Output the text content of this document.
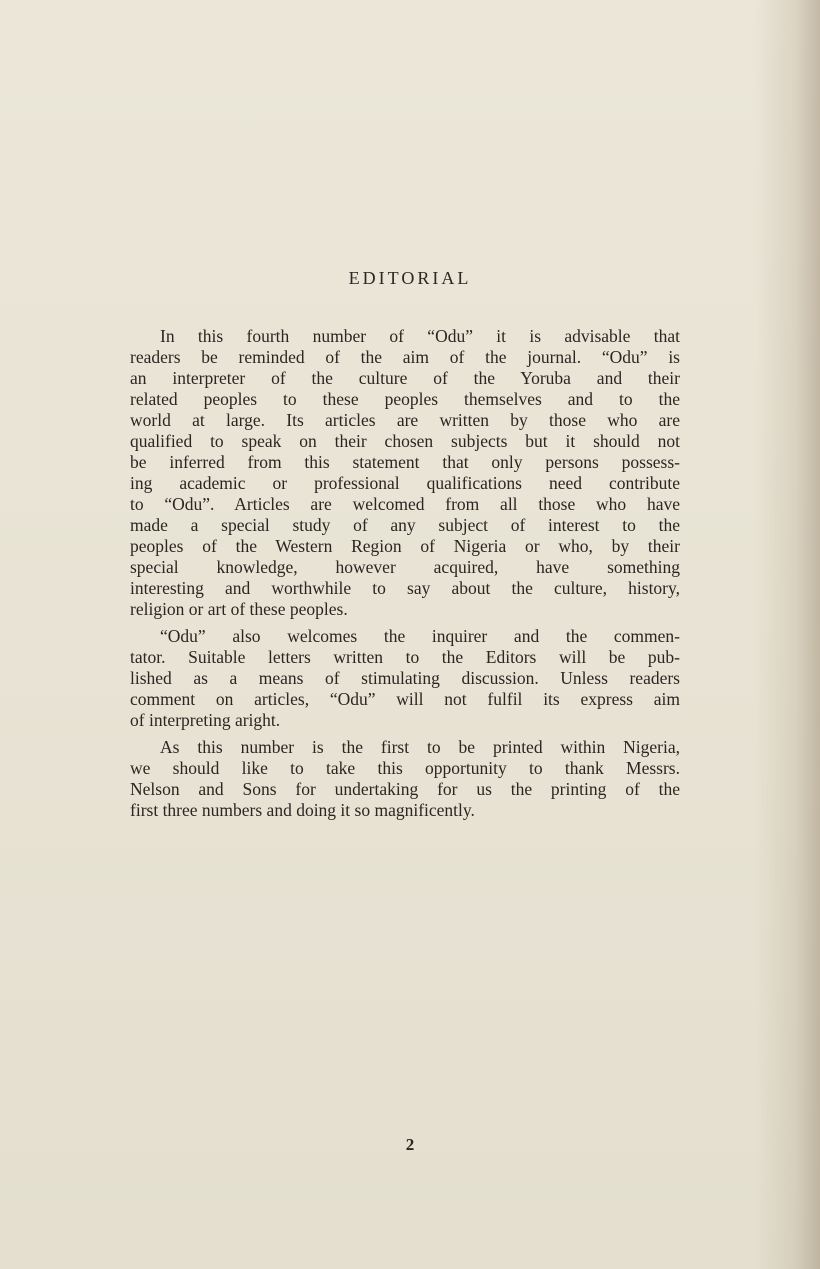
EDITORIAL
In this fourth number of “Odu” it is advisable that
readers be reminded of the aim of the journal. “Odu” is
an interpreter of the culture of the Yoruba and their
related peoples to these peoples themselves and to the
world at large. Its articles are written by those who are
qualified to speak on their chosen subjects but it should not
be inferred from this statement that only persons possess-
ing academic or professional qualifications need contribute
to “Odu”. Articles are welcomed from all those who have
made a special study of any subject of interest to the
peoples of the Western Region of Nigeria or who, by their
special knowledge, however acquired, have something
interesting and worthwhile to say about the culture, history,
religion or art of these peoples.
“Odu” also welcomes the inquirer and the commen-
tator. Suitable letters written to the Editors will be pub-
lished as a means of stimulating discussion. Unless readers
comment on articles, “Odu” will not fulfil its express aim
of interpreting aright.
As this number is the first to be printed within Nigeria,
we should like to take this opportunity to thank Messrs.
Nelson and Sons for undertaking for us the printing of the
first three numbers and doing it so magnificently.
2
